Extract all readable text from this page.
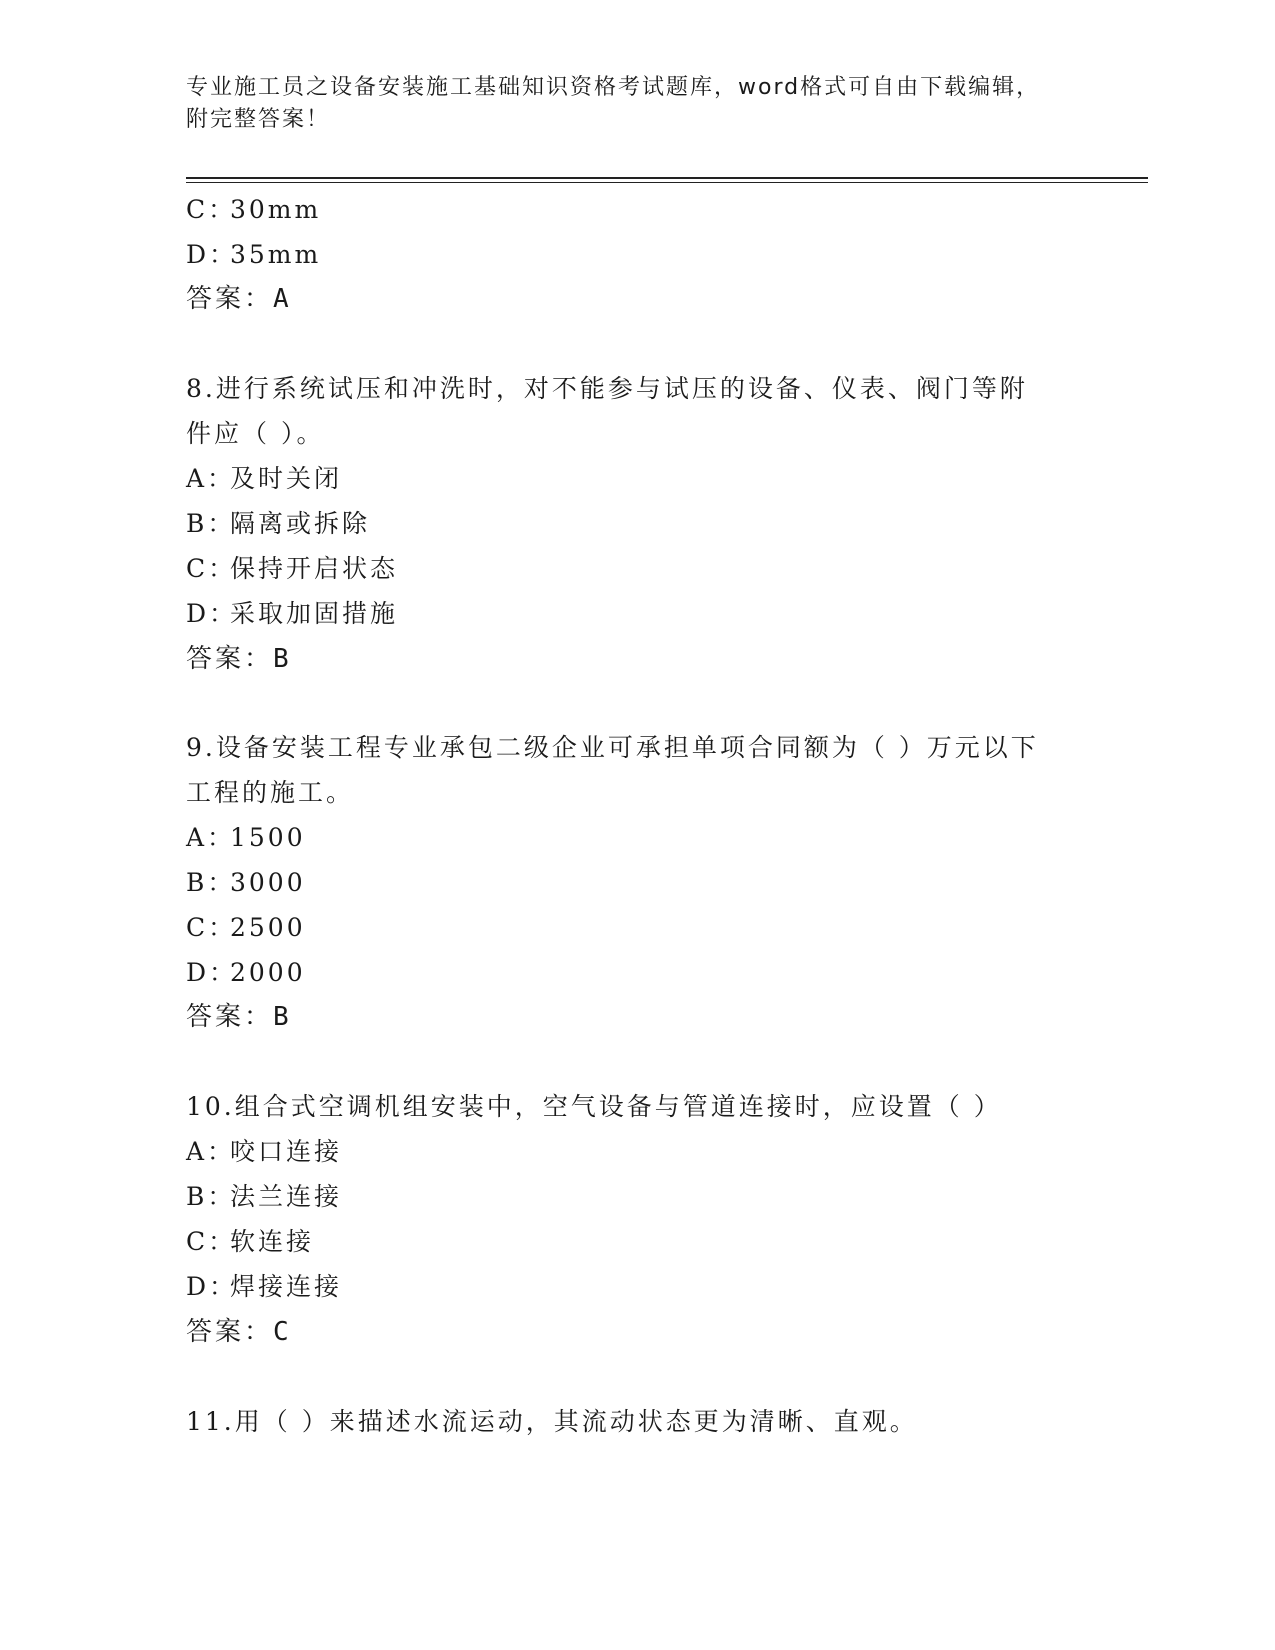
专业施工员之设备安装施工基础知识资格考试题库，word格式可自由下载编辑，
附完整答案！
C：30mm
D：35mm
答案：A
8.进行系统试压和冲洗时，对不能参与试压的设备、仪表、阀门等附
件应（ ）。
A：及时关闭
B：隔离或拆除
C：保持开启状态
D：采取加固措施
答案：B
9.设备安装工程专业承包二级企业可承担单项合同额为（ ）万元以下
工程的施工。
A：1500
B：3000
C：2500
D：2000
答案：B
10.组合式空调机组安装中，空气设备与管道连接时，应设置（ ）
A：咬口连接
B：法兰连接
C：软连接
D：焊接连接
答案：C
11.用（ ）来描述水流运动，其流动状态更为清晰、直观。
